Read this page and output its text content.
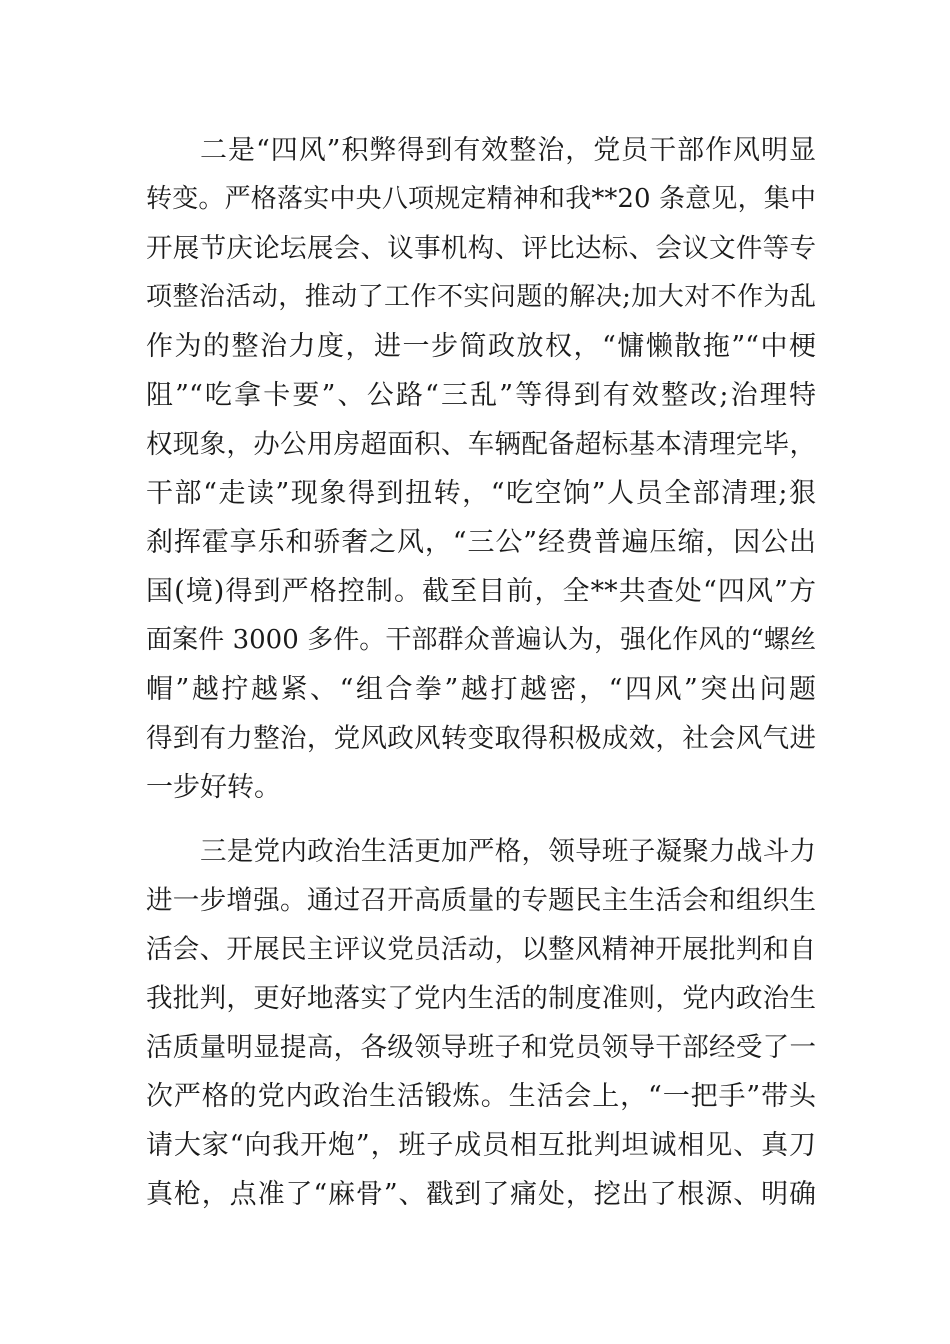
二是“四风”积弊得到有效整治，党员干部作风明显
转变。严格落实中央八项规定精神和我**20 条意见，集中
开展节庆论坛展会、议事机构、评比达标、会议文件等专
项整治活动，推动了工作不实问题的解决;加大对不作为乱
作为的整治力度，进一步简政放权，“慵懒散拖”“中梗
阻”“吃拿卡要”、公路“三乱”等得到有效整改;治理特
权现象，办公用房超面积、车辆配备超标基本清理完毕，
干部“走读”现象得到扭转，“吃空饷”人员全部清理;狠
刹挥霍享乐和骄奢之风，“三公”经费普遍压缩，因公出
国(境)得到严格控制。截至目前，全**共查处“四风”方
面案件 3000 多件。干部群众普遍认为，强化作风的“螺丝
帽”越拧越紧、“组合拳”越打越密，“四风”突出问题
得到有力整治，党风政风转变取得积极成效，社会风气进
一步好转。
三是党内政治生活更加严格，领导班子凝聚力战斗力
进一步增强。通过召开高质量的专题民主生活会和组织生
活会、开展民主评议党员活动，以整风精神开展批判和自
我批判，更好地落实了党内生活的制度准则，党内政治生
活质量明显提高，各级领导班子和党员领导干部经受了一
次严格的党内政治生活锻炼。生活会上，“一把手”带头
请大家“向我开炮”，班子成员相互批判坦诚相见、真刀
真枪，点准了“麻骨”、戳到了痛处，挖出了根源、明确
